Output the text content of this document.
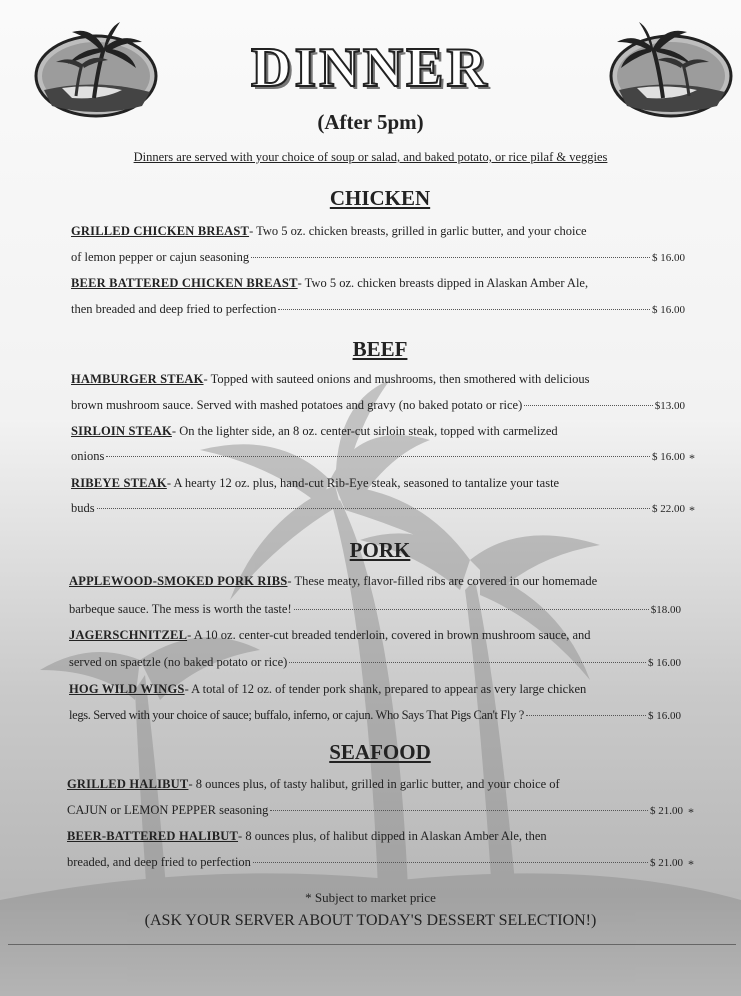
DINNER
(After 5pm)
Dinners are served with your choice of soup or salad, and baked potato, or rice pilaf & veggies
CHICKEN
GRILLED CHICKEN BREAST - Two 5 oz. chicken breasts, grilled in garlic butter, and your choice
of lemon pepper or cajun seasoning	$ 16.00
BEER BATTERED CHICKEN BREAST - Two 5 oz. chicken breasts dipped in Alaskan Amber Ale,
then breaded and deep fried to perfection	$ 16.00
BEEF
HAMBURGER STEAK - Topped with sauteed onions and mushrooms, then smothered with delicious
brown mushroom sauce. Served with mashed potatoes and gravy (no baked potato or rice)	$13.00
SIRLOIN STEAK - On the lighter side, an 8 oz. center-cut sirloin steak, topped with carmelized
onions	$ 16.00 *
RIBEYE STEAK - A hearty 12 oz. plus, hand-cut Rib-Eye steak, seasoned to tantalize your taste
buds	$ 22.00 *
PORK
APPLEWOOD-SMOKED PORK RIBS - These meaty, flavor-filled ribs are covered in our homemade
barbeque sauce. The mess is worth the taste!	$18.00
JAGERSCHNITZEL - A 10 oz. center-cut breaded tenderloin, covered in brown mushroom sauce, and
served on spaetzle (no baked potato or rice)	$ 16.00
HOG WILD WINGS - A total of 12 oz. of tender pork shank, prepared to appear as very large chicken
legs. Served with your choice of sauce; buffalo, inferno, or cajun. Who Says That Pigs Can't Fly ?	$ 16.00
SEAFOOD
GRILLED HALIBUT - 8 ounces plus, of tasty halibut, grilled in garlic butter, and your choice of
CAJUN or LEMON PEPPER seasoning	$ 21.00 *
BEER-BATTERED HALIBUT - 8 ounces plus, of halibut dipped in Alaskan Amber Ale, then
breaded, and deep fried to perfection	$ 21.00 *
* Subject to market price
(ASK YOUR SERVER ABOUT TODAY'S DESSERT SELECTION!)
